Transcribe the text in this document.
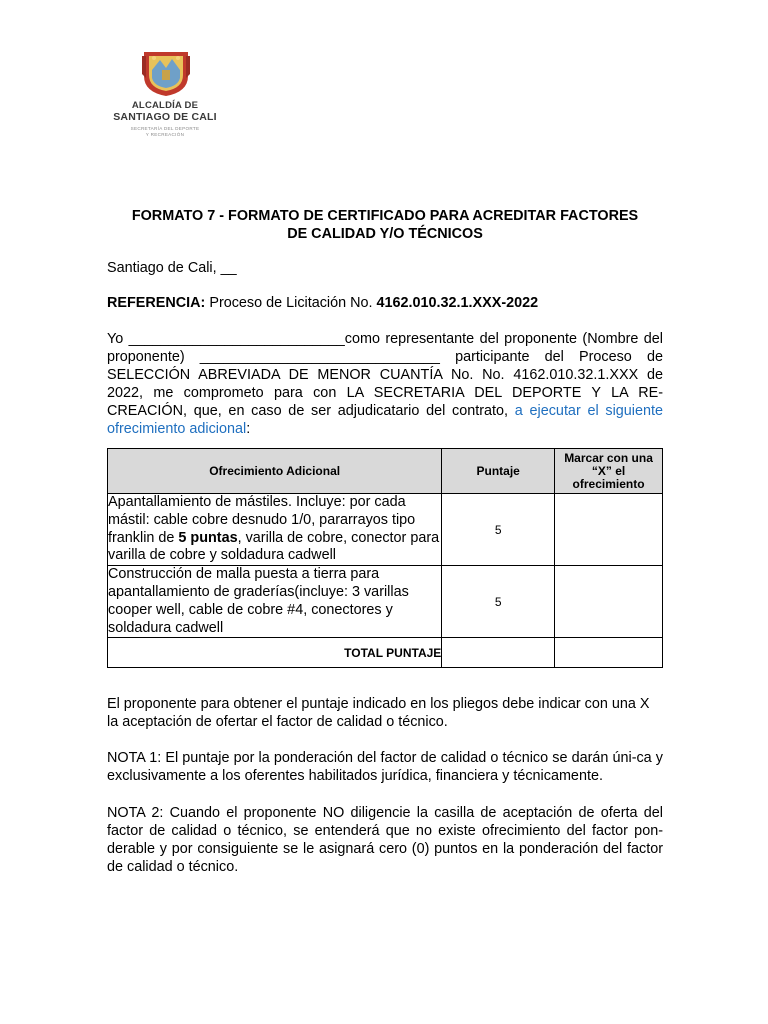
ALCALDÍA DE
SANTIAGO DE CALI
SECRETARÍA DEL DEPORTE
Y RECREACIÓN
FORMATO 7 - FORMATO DE CERTIFICADO PARA ACREDITAR FACTORES
DE CALIDAD Y/O TÉCNICOS
Santiago de Cali, __
REFERENCIA: Proceso de Licitación No. 4162.010.32.1.XXX-2022
Yo ___________________________como representante del proponente (Nombre del proponente) ______________________________ participante del Proceso de SELECCIÓN ABREVIADA DE MENOR CUANTÍA No. No. 4162.010.32.1.XXX de 2022, me comprometo para con LA SECRETARIA DEL DEPORTE Y LA RE-CREACIÓN, que, en caso de ser adjudicatario del contrato, a ejecutar el siguiente ofrecimiento adicional:
Ofrecimiento Adicional	Puntaje	Marcar con una “X” el ofrecimiento
Apantallamiento de mástiles. Incluye: por cada mástil: cable cobre desnudo 1/0, pararrayos tipo franklin de 5 puntas, varilla de cobre, conector para varilla de cobre y soldadura cadwell	5	
Construcción de malla puesta a tierra para apantallamiento de graderías(incluye: 3 varillas cooper well, cable de cobre #4, conectores y soldadura cadwell	5	
TOTAL PUNTAJE		
El proponente para obtener el puntaje indicado en los pliegos debe indicar con una X la aceptación de ofertar el factor de calidad o técnico.
NOTA 1: El puntaje por la ponderación del factor de calidad o técnico se darán úni-ca y exclusivamente a los oferentes habilitados jurídica, financiera y técnicamente.
NOTA 2: Cuando el proponente NO diligencie la casilla de aceptación de oferta del factor de calidad o técnico, se entenderá que no existe ofrecimiento del factor pon-derable y por consiguiente se le asignará cero (0) puntos en la ponderación del factor de calidad o técnico.
